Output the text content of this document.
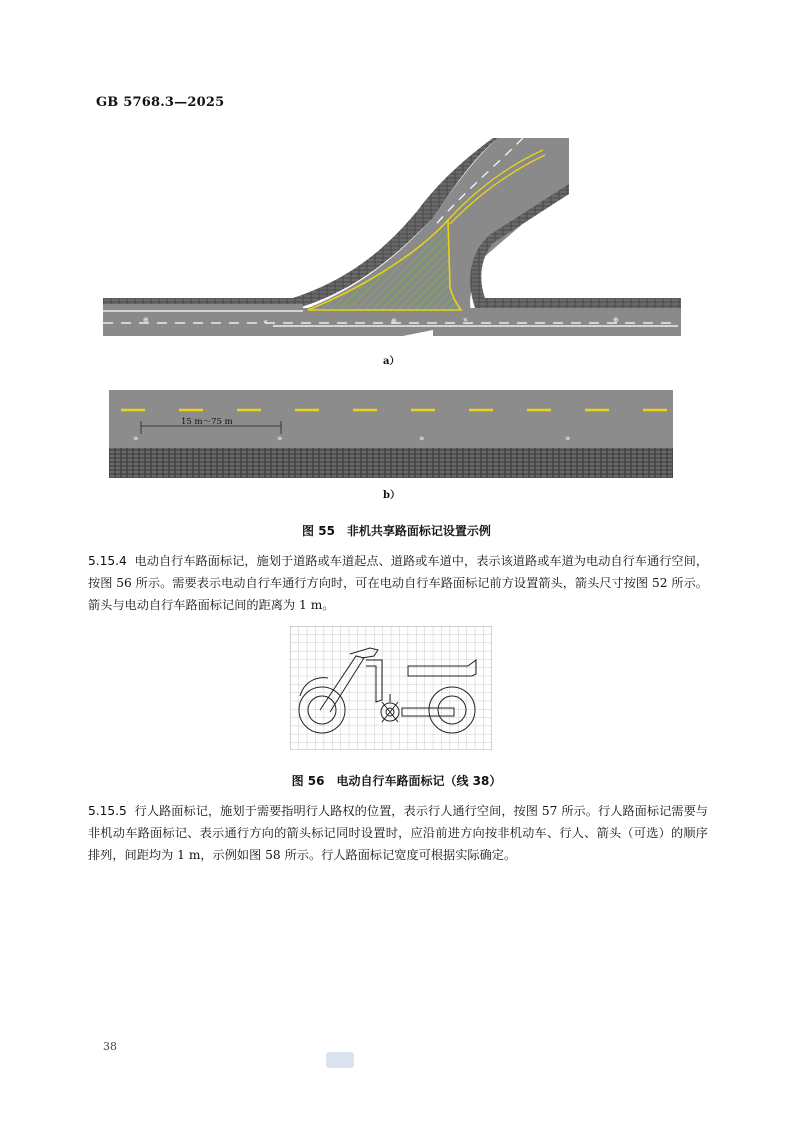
GB 5768.3—2025
⊕	«	«	⊕
⊕
a）
15 m～75 m
»	»	»	»
b）
图 55　非机共享路面标记设置示例
5.15.4 电动自行车路面标记，施划于道路或车道起点、道路或车道中，表示该道路或车道为电动自行车通行空间，按图 56 所示。需要表示电动自行车通行方向时，可在电动自行车路面标记前方设置箭头，箭头尺寸按图 52 所示。箭头与电动自行车路面标记间的距离为 1 m。
图 56　电动自行车路面标记（线 38）
5.15.5 行人路面标记，施划于需要指明行人路权的位置，表示行人通行空间，按图 57 所示。行人路面标记需要与非机动车路面标记、表示通行方向的箭头标记同时设置时，应沿前进方向按非机动车、行人、箭头（可选）的顺序排列，间距均为 1 m，示例如图 58 所示。行人路面标记宽度可根据实际确定。
38
